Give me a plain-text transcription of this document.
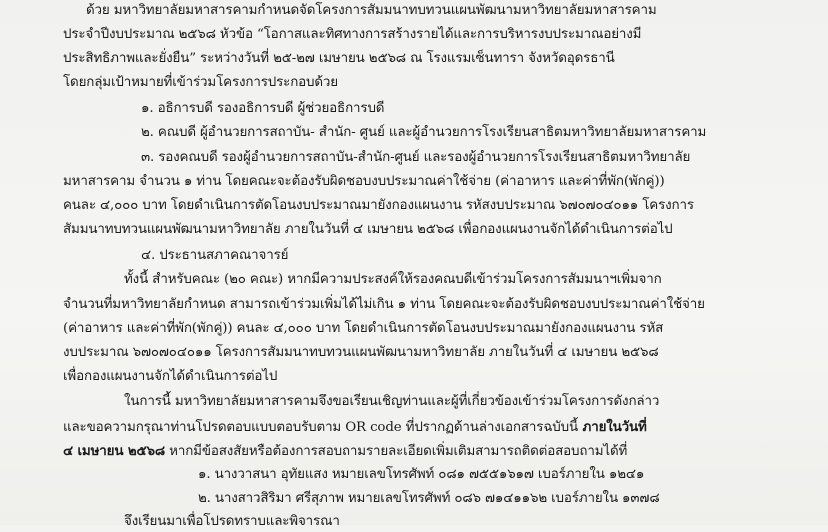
ด้วย มหาวิทยาลัยมหาสารคามกำหนดจัดโครงการสัมมนาทบทวนแผนพัฒนามหาวิทยาลัยมหาสารคาม
ประจำปีงบประมาณ ๒๕๖๘ หัวข้อ “โอกาสและทิศทางการสร้างรายได้และการบริหารงบประมาณอย่างมี
ประสิทธิภาพและยั่งยืน” ระหว่างวันที่ ๒๕-๒๗ เมษายน ๒๕๖๘ ณ โรงแรมเซ็นทารา จังหวัดอุดรธานี
โดยกลุ่มเป้าหมายที่เข้าร่วมโครงการประกอบด้วย
๑. อธิการบดี รองอธิการบดี ผู้ช่วยอธิการบดี
๒. คณบดี ผู้อำนวยการสถาบัน- สำนัก- ศูนย์ และผู้อำนวยการโรงเรียนสาธิตมหาวิทยาลัยมหาสารคาม
๓. รองคณบดี รองผู้อำนวยการสถาบัน-สำนัก-ศูนย์ และรองผู้อำนวยการโรงเรียนสาธิตมหาวิทยาลัย
มหาสารคาม จำนวน ๑ ท่าน โดยคณะจะต้องรับผิดชอบงบประมาณค่าใช้จ่าย (ค่าอาหาร และค่าที่พัก(พักคู่))
คนละ ๔,๐๐๐ บาท โดยดำเนินการตัดโอนงบประมาณมายังกองแผนงาน รหัสงบประมาณ ๖๗๐๗๐๔๐๑๑ โครงการ
สัมมนาทบทวนแผนพัฒนามหาวิทยาลัย ภายในวันที่ ๔ เมษายน ๒๕๖๘ เพื่อกองแผนงานจักได้ดำเนินการต่อไป
๔. ประธานสภาคณาจารย์
ทั้งนี้ สำหรับคณะ (๒๐ คณะ) หากมีความประสงค์ให้รองคณบดีเข้าร่วมโครงการสัมมนาฯเพิ่มจาก
จำนวนที่มหาวิทยาลัยกำหนด สามารถเข้าร่วมเพิ่มได้ไม่เกิน ๑ ท่าน โดยคณะจะต้องรับผิดชอบงบประมาณค่าใช้จ่าย
(ค่าอาหาร และค่าที่พัก(พักคู่)) คนละ ๔,๐๐๐ บาท โดยดำเนินการตัดโอนงบประมาณมายังกองแผนงาน รหัส
งบประมาณ ๖๗๐๗๐๔๐๑๑ โครงการสัมมนาทบทวนแผนพัฒนามหาวิทยาลัย ภายในวันที่ ๔ เมษายน ๒๕๖๘
เพื่อกองแผนงานจักได้ดำเนินการต่อไป
ในการนี้ มหาวิทยาลัยมหาสารคามจึงขอเรียนเชิญท่านและผู้ที่เกี่ยวข้องเข้าร่วมโครงการดังกล่าว
และขอความกรุณาท่านโปรดตอบแบบตอบรับตาม OR code ที่ปรากฏด้านล่างเอกสารฉบับนี้ ภายในวันที่
๔ เมษายน ๒๕๖๘ หากมีข้อสงสัยหรือต้องการสอบถามรายละเอียดเพิ่มเติมสามารถติดต่อสอบถามได้ที่
๑. นางวาสนา อุทัยแสง หมายเลขโทรศัพท์ ๐๘๑ ๗๕๕๑๖๑๗ เบอร์ภายใน ๑๒๔๑
๒. นางสาวสิริมา ศรีสุภาพ หมายเลขโทรศัพท์ ๐๘๖ ๗๑๔๑๑๖๒ เบอร์ภายใน ๑๓๗๘
จึงเรียนมาเพื่อโปรดทราบและพิจารณา
